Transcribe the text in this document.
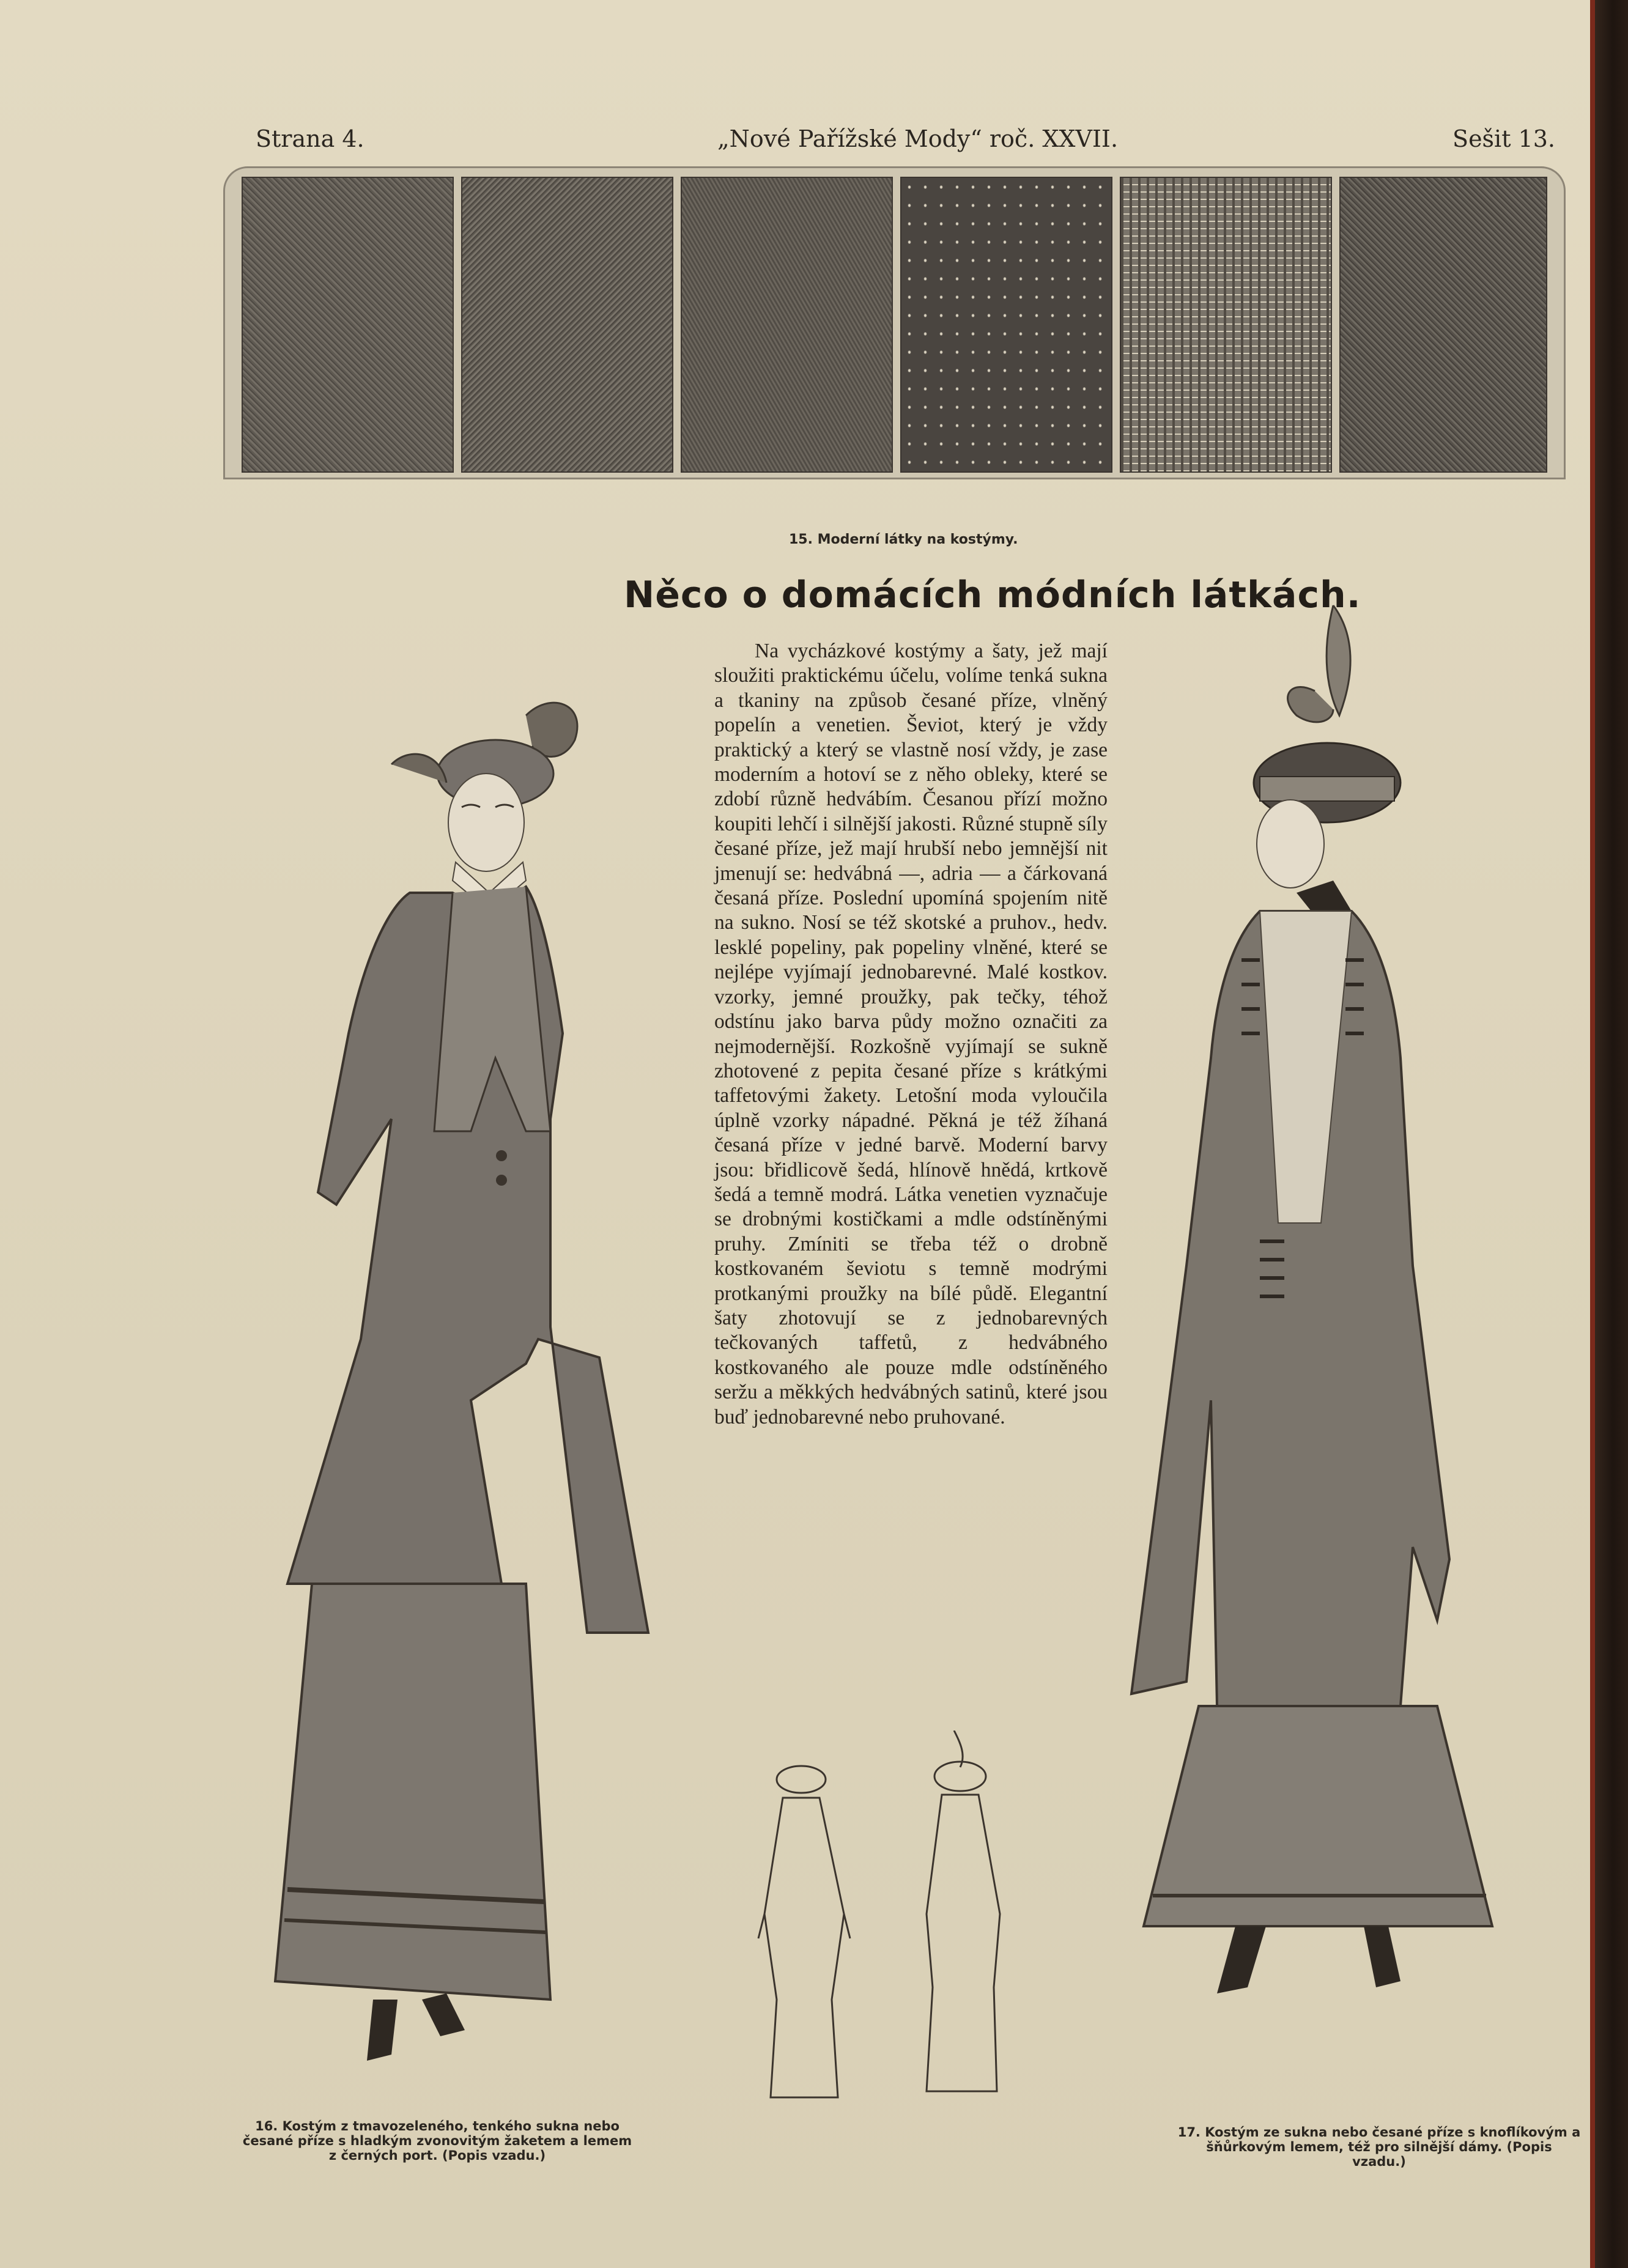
Strana 4.	„Nové Pařížské Mody“ roč. XXVII.	Sešit 13.
15. Moderní látky na kostýmy.
Něco o domácích módních látkách.
Na vycházkové kostýmy a šaty, jež mají sloužiti praktickému účelu, volíme tenká sukna a tkaniny na způsob česané příze, vlněný popelín a venetien. Ševiot, který je vždy praktický a který se vlastně nosí vždy, je zase moderním a hotoví se z něho obleky, které se zdobí různě hedvábím. Česanou přízí možno koupiti lehčí i silnější jakosti. Různé stupně síly česané příze, jež mají hrubší nebo jemnější nit jmenují se: hedvábná —, adria — a čárkovaná česaná příze. Poslední upomíná spojením nitě na sukno. Nosí se též skotské a pruhov., hedv. lesklé popeliny, pak popeliny vlněné, které se nejlépe vyjímají jednobarevné. Malé kostkov. vzorky, jemné proužky, pak tečky, téhož odstínu jako barva půdy možno označiti za nejmodernější. Rozkošně vyjímají se sukně zhotovené z pepita česané příze s krátkými taffetovými žakety. Letošní moda vyloučila úplně vzorky nápadné. Pěkná je též žíhaná česaná příze v jedné barvě. Moderní barvy jsou: břidlicově šedá, hlínově hnědá, krtkově šedá a temně modrá. Látka venetien vyznačuje se drobnými kostičkami a mdle odstíněnými pruhy. Zmíniti se třeba též o drobně kostkovaném ševiotu s temně modrými protkanými proužky na bílé půdě. Elegantní šaty zhotovují se z jednobarevných tečkovaných taffetů, z hedvábného kostkovaného ale pouze mdle odstíněného seržu a měkkých hedvábných satinů, které jsou buď jednobarevné nebo pruhované.
16. Kostým z tmavozeleného, tenkého sukna nebo česané příze s hladkým zvonovitým žaketem a lemem z černých port. (Popis vzadu.)
17. Kostým ze sukna nebo česané příze s knoflíkovým a šňůrkovým lemem, též pro silnější dámy. (Popis vzadu.)
